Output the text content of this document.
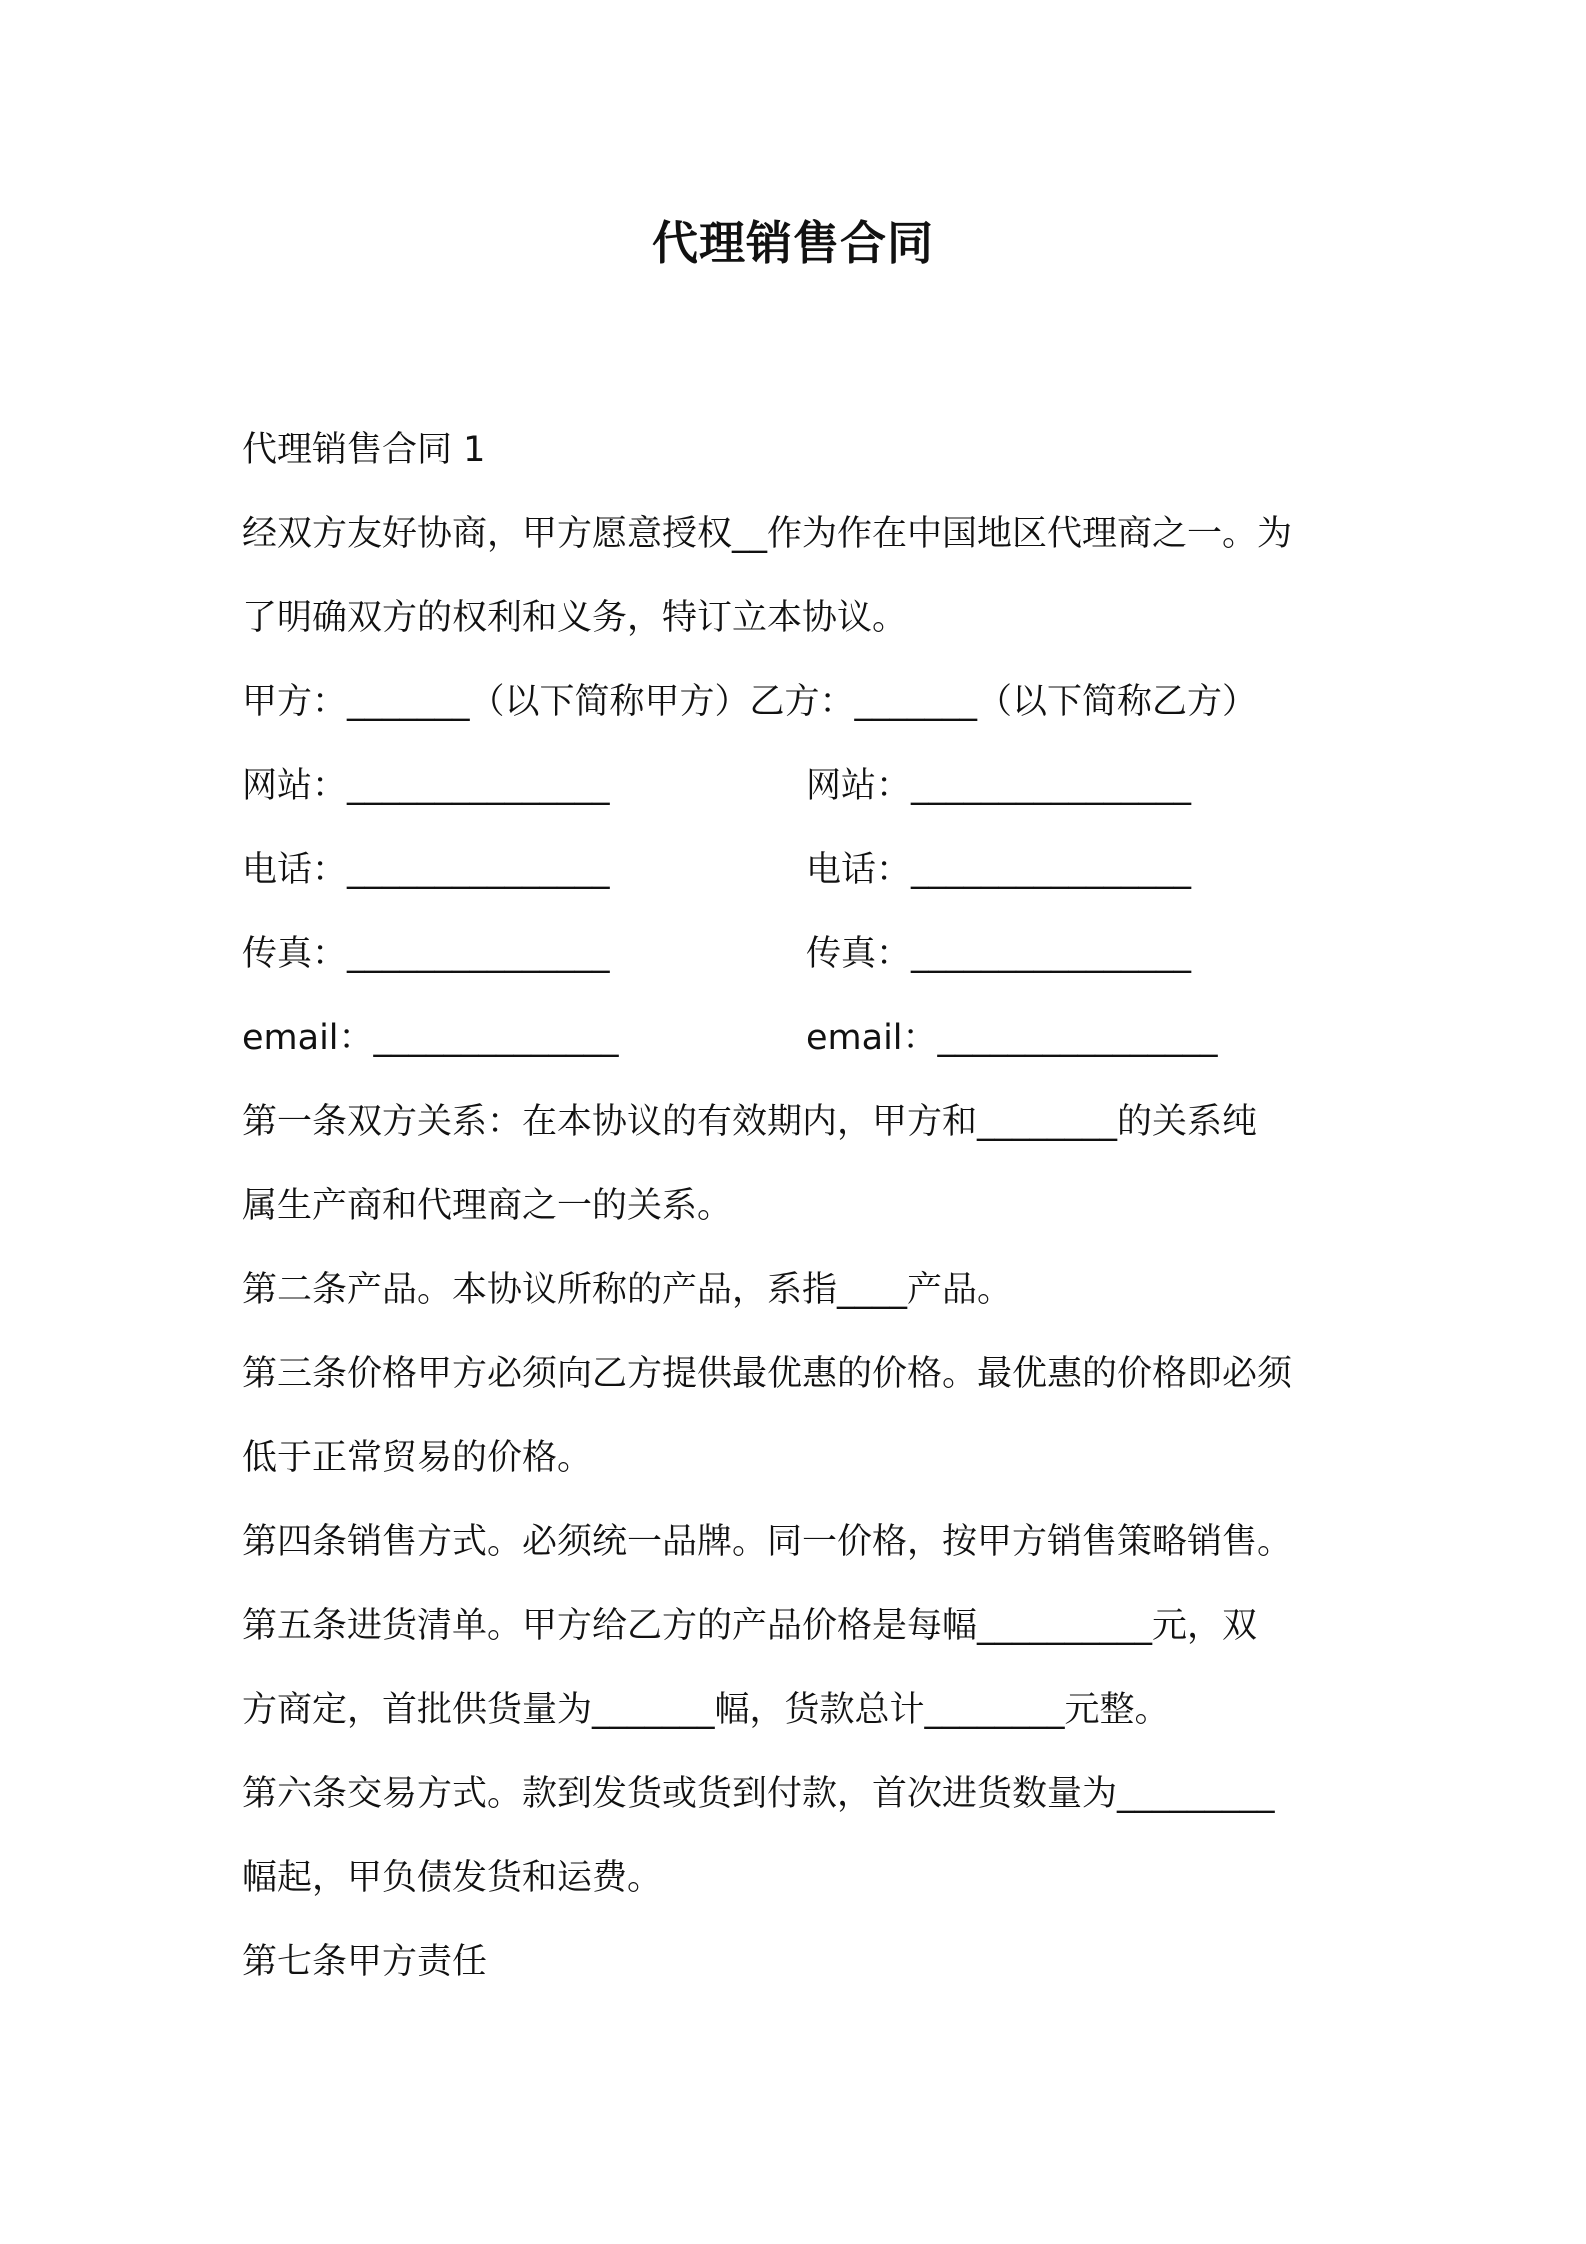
代理销售合同
代理销售合同 1
经双方友好协商，甲方愿意授权__作为作在中国地区代理商之一。为
了明确双方的权利和义务，特订立本协议。
甲方：_______（以下简称甲方）乙方：_______（以下简称乙方）
网站：_______________	网站：________________
电话：_______________	电话：________________
传真：_______________	传真：________________
email：______________	email：________________
第一条双方关系：在本协议的有效期内，甲方和________的关系纯
属生产商和代理商之一的关系。
第二条产品。本协议所称的产品，系指____产品。
第三条价格甲方必须向乙方提供最优惠的价格。最优惠的价格即必须
低于正常贸易的价格。
第四条销售方式。必须统一品牌。同一价格，按甲方销售策略销售。
第五条进货清单。甲方给乙方的产品价格是每幅__________元，双
方商定，首批供货量为_______幅，货款总计________元整。
第六条交易方式。款到发货或货到付款，首次进货数量为_________
幅起，甲负债发货和运费。
第七条甲方责任
